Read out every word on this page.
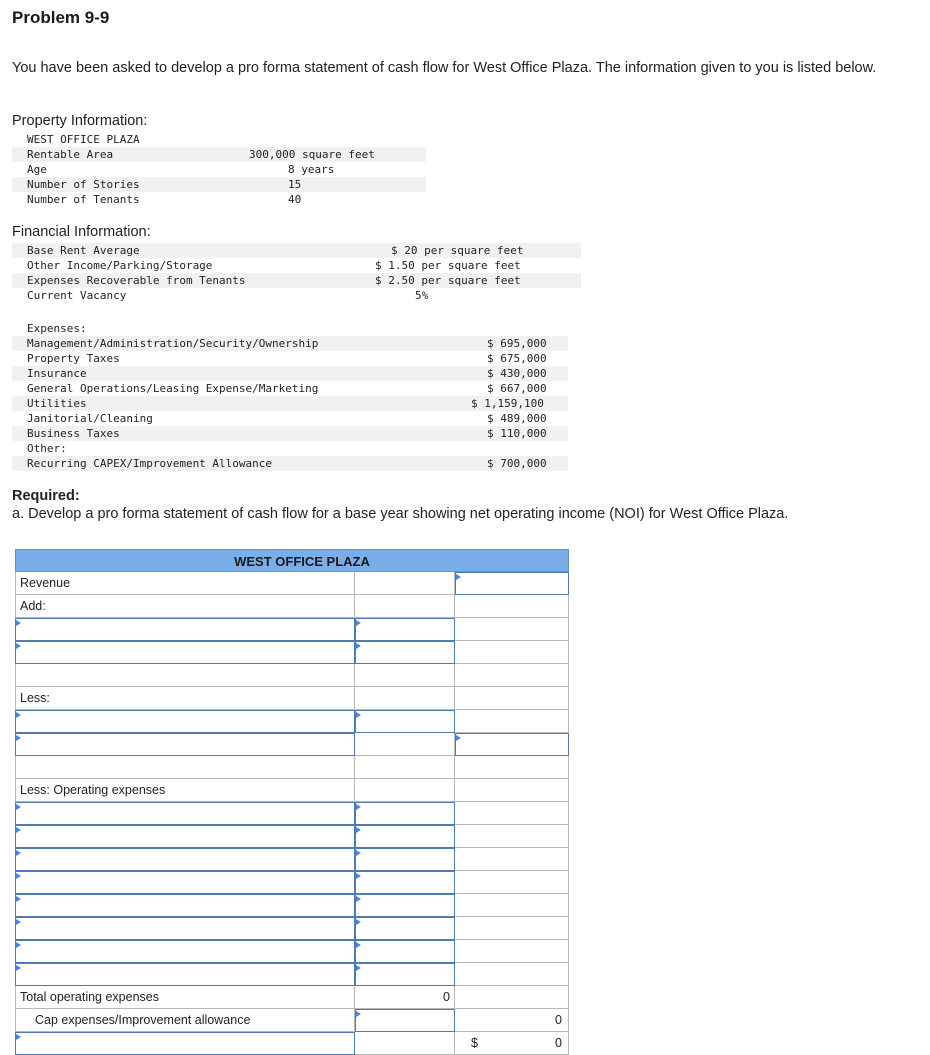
Problem 9-9
You have been asked to develop a pro forma statement of cash flow for West Office Plaza. The information given to you is listed below.
Property Information:
WEST OFFICE PLAZA

Rentable Area

	300,000 square feet

Age

	8 years

Number of Stories

	15

Number of Tenants

	40

Financial Information:

Base Rent Average

	$ 20 per square feet

Other Income/Parking/Storage

	$ 1.50 per square feet

Expenses Recoverable from Tenants

	$ 2.50 per square feet

Current Vacancy

	5%

Expenses:
Management/Administration/Security/Ownership	$ 695,000
Property Taxes	$ 675,000
Insurance	$ 430,000
General Operations/Leasing Expense/Marketing	$ 667,000
Utilities	$ 1,159,100
Janitorial/Cleaning	$ 489,000
Business Taxes	$ 110,000
Other:
Recurring CAPEX/Improvement Allowance	$ 700,000
Required:
a. Develop a pro forma statement of cash flow for a base year showing net operating income (NOI) for West Office Plaza.
WEST OFFICE PLAZA
Revenue
Add:
Less:
Less: Operating expenses
Total operating expenses	0
Cap expenses/Improvement allowance	0
$	0
